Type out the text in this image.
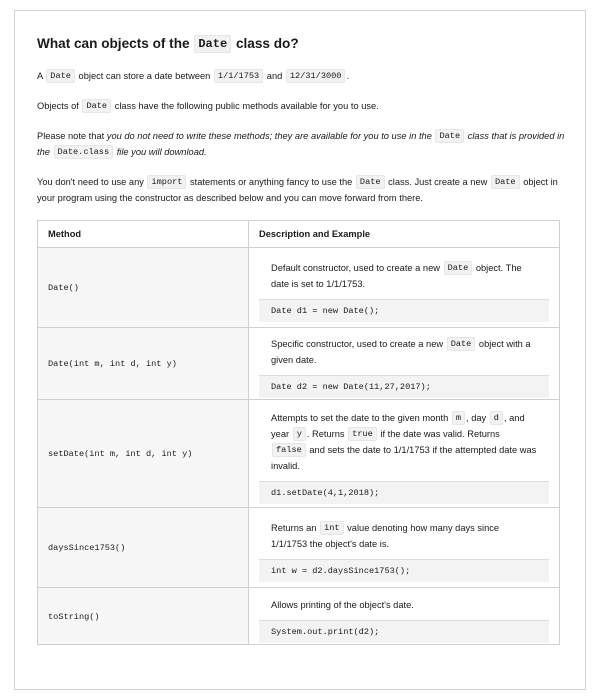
What can objects of the Date class do?

A Date object can store a date between 1/1/1753 and 12/31/3000 .

Objects of Date class have the following public methods available for you to use.

Please note that you do not need to write these methods; they are available for you to use in the Date class that is provided in the Date.class file you will download.

You don't need to use any import statements or anything fancy to use the Date class. Just create a new Date object in your program using the constructor as described below and you can move forward from there.

Method	Description and Example
Date()	Default constructor, used to create a new Date object. The date is set to 1/1/1753.
Date d1 = new Date();

Date(int m, int d, int y)	Specific constructor, used to create a new Date object with a given date.
Date d2 = new Date(11,27,2017);

setDate(int m, int d, int y)	Attempts to set the date to the given month m , day d , and year y . Returns true if the date was valid. Returns false and sets the date to 1/1/1753 if the attempted date was invalid.
d1.setDate(4,1,2018);

daysSince1753()	Returns an int value denoting how many days since 1/1/1753 the object's date is.
int w = d2.daysSince1753();

toString()	Allows printing of the object's date.
System.out.print(d2);
